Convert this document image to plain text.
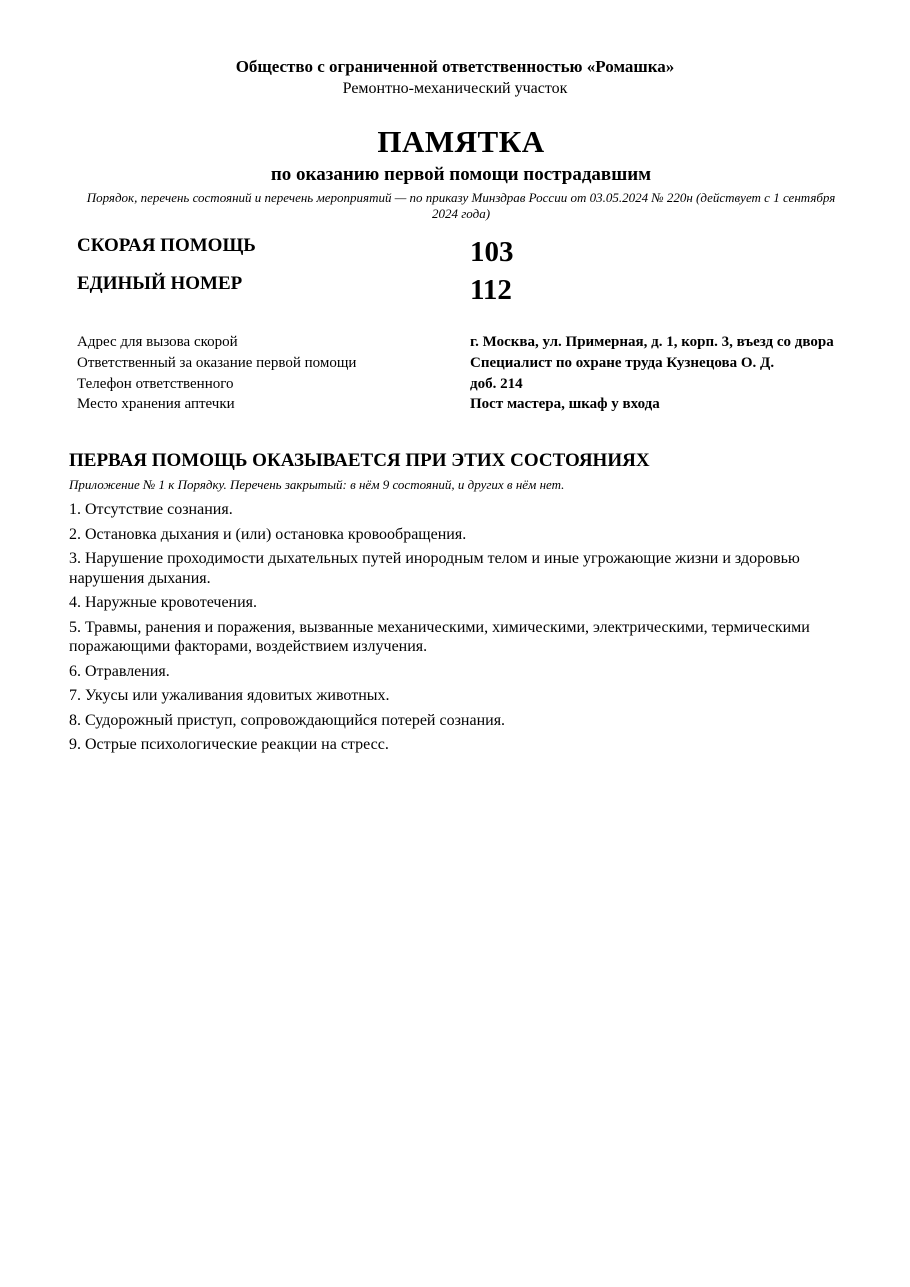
Общество с ограниченной ответственностью «Ромашка»
Ремонтно-механический участок
ПАМЯТКА
по оказанию первой помощи пострадавшим
Порядок, перечень состояний и перечень мероприятий — по приказу Минздрав России от 03.05.2024 № 220н (действует с 1 сентября 2024 года)
СКОРАЯ ПОМОЩЬ	103
ЕДИНЫЙ НОМЕР	112
Адрес для вызова скорой	г. Москва, ул. Примерная, д. 1, корп. 3, въезд со двора
Ответственный за оказание первой помощи	Специалист по охране труда Кузнецова О. Д.
Телефон ответственного	доб. 214
Место хранения аптечки	Пост мастера, шкаф у входа
ПЕРВАЯ ПОМОЩЬ ОКАЗЫВАЕТСЯ ПРИ ЭТИХ СОСТОЯНИЯХ
Приложение № 1 к Порядку. Перечень закрытый: в нём 9 состояний, и других в нём нет.
1. Отсутствие сознания.
2. Остановка дыхания и (или) остановка кровообращения.
3. Нарушение проходимости дыхательных путей инородным телом и иные угрожающие жизни и здоровью нарушения дыхания.
4. Наружные кровотечения.
5. Травмы, ранения и поражения, вызванные механическими, химическими, электрическими, термическими поражающими факторами, воздействием излучения.
6. Отравления.
7. Укусы или ужаливания ядовитых животных.
8. Судорожный приступ, сопровождающийся потерей сознания.
9. Острые психологические реакции на стресс.
